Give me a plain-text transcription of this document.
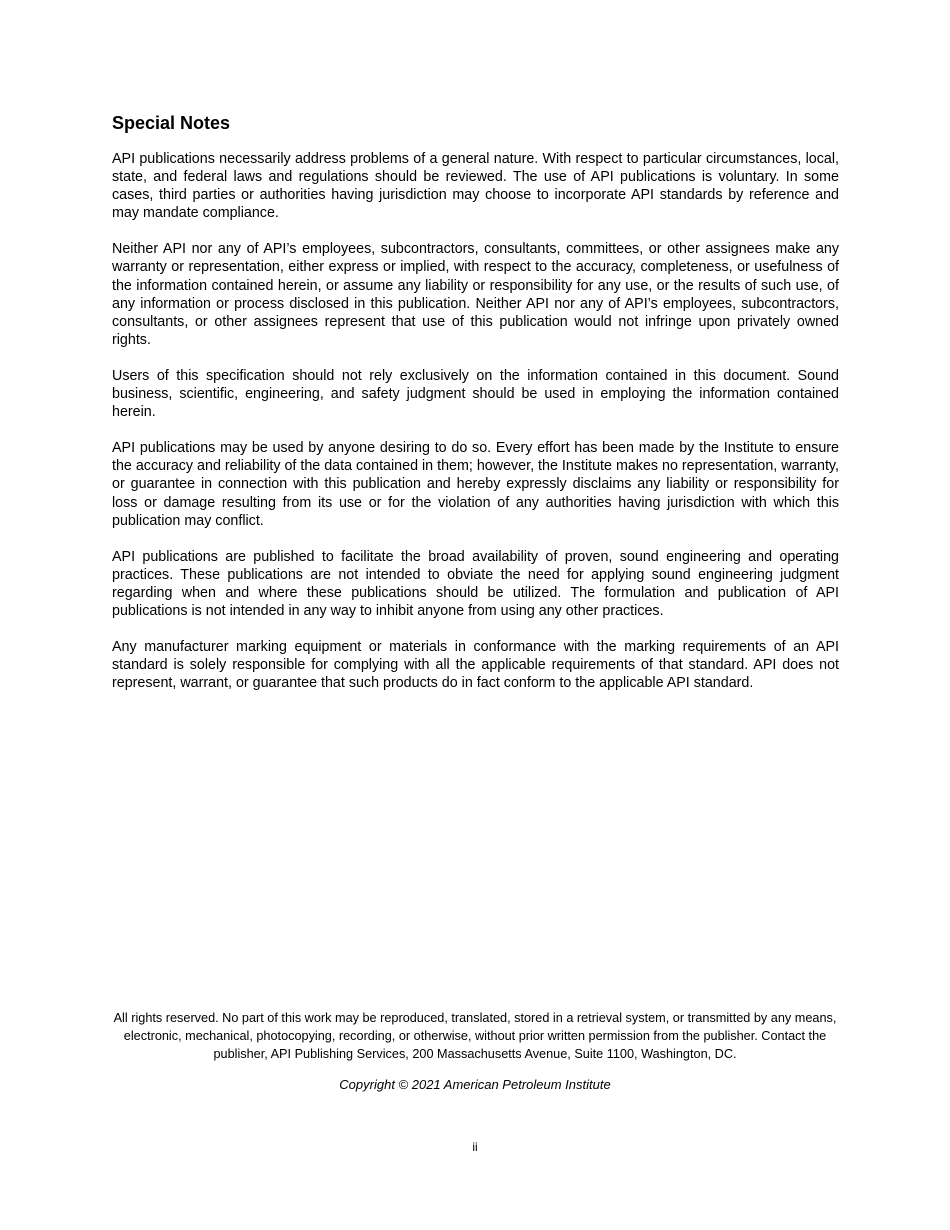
Special Notes

API publications necessarily address problems of a general nature. With respect to particular circumstances, local, state, and federal laws and regulations should be reviewed. The use of API publications is voluntary. In some cases, third parties or authorities having jurisdiction may choose to incorporate API standards by reference and may mandate compliance.

Neither API nor any of API’s employees, subcontractors, consultants, committees, or other assignees make any warranty or representation, either express or implied, with respect to the accuracy, completeness, or usefulness of the information contained herein, or assume any liability or responsibility for any use, or the results of such use, of any information or process disclosed in this publication. Neither API nor any of API’s employees, subcontractors, consultants, or other assignees represent that use of this publication would not infringe upon privately owned rights.

Users of this specification should not rely exclusively on the information contained in this document. Sound business, scientific, engineering, and safety judgment should be used in employing the information contained herein.

API publications may be used by anyone desiring to do so. Every effort has been made by the Institute to ensure the accuracy and reliability of the data contained in them; however, the Institute makes no representation, warranty, or guarantee in connection with this publication and hereby expressly disclaims any liability or responsibility for loss or damage resulting from its use or for the violation of any authorities having jurisdiction with which this publication may conflict.

API publications are published to facilitate the broad availability of proven, sound engineering and operating practices. These publications are not intended to obviate the need for applying sound engineering judgment regarding when and where these publications should be utilized. The formulation and publication of API publications is not intended in any way to inhibit anyone from using any other practices.

Any manufacturer marking equipment or materials in conformance with the marking requirements of an API standard is solely responsible for complying with all the applicable requirements of that standard. API does not represent, warrant, or guarantee that such products do in fact conform to the applicable API standard.

All rights reserved. No part of this work may be reproduced, translated, stored in a retrieval system, or transmitted by any means, electronic, mechanical, photocopying, recording, or otherwise, without prior written permission from the publisher. Contact the publisher, API Publishing Services, 200 Massachusetts Avenue, Suite 1100, Washington, DC.

Copyright © 2021 American Petroleum Institute

ii
